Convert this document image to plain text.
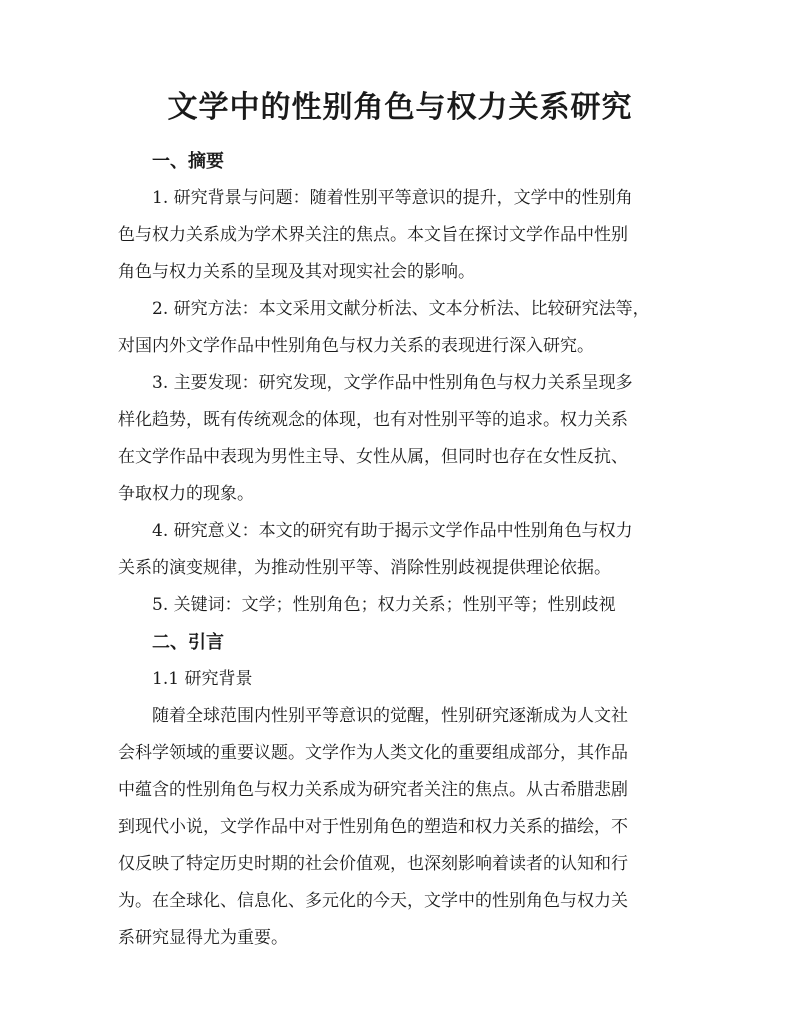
文学中的性别角色与权力关系研究
一、摘要
1. 研究背景与问题：随着性别平等意识的提升，文学中的性别角
色与权力关系成为学术界关注的焦点。本文旨在探讨文学作品中性别
角色与权力关系的呈现及其对现实社会的影响。
2. 研究方法：本文采用文献分析法、文本分析法、比较研究法等，
对国内外文学作品中性别角色与权力关系的表现进行深入研究。
3. 主要发现：研究发现，文学作品中性别角色与权力关系呈现多
样化趋势，既有传统观念的体现，也有对性别平等的追求。权力关系
在文学作品中表现为男性主导、女性从属，但同时也存在女性反抗、
争取权力的现象。
4. 研究意义：本文的研究有助于揭示文学作品中性别角色与权力
关系的演变规律，为推动性别平等、消除性别歧视提供理论依据。
5. 关键词：文学；性别角色；权力关系；性别平等；性别歧视
二、引言
1.1 研究背景
随着全球范围内性别平等意识的觉醒，性别研究逐渐成为人文社
会科学领域的重要议题。文学作为人类文化的重要组成部分，其作品
中蕴含的性别角色与权力关系成为研究者关注的焦点。从古希腊悲剧
到现代小说，文学作品中对于性别角色的塑造和权力关系的描绘，不
仅反映了特定历史时期的社会价值观，也深刻影响着读者的认知和行
为。在全球化、信息化、多元化的今天，文学中的性别角色与权力关
系研究显得尤为重要。
